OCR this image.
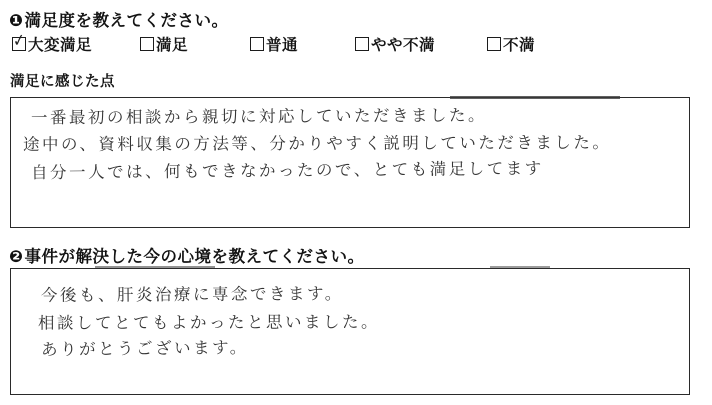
❶満足度を教えてください。
✓ 大変満足	満足	普通	やや不満	不満
満足に感じた点
一番最初の相談から親切に対応していただきました。
途中の、資料収集の方法等、分かりやすく説明していただきました。
自分一人では、何もできなかったので、とても満足してます
❷事件が解決した今の心境を教えてください。
今後も、肝炎治療に専念できます。
相談してとてもよかったと思いました。
ありがとうございます。
